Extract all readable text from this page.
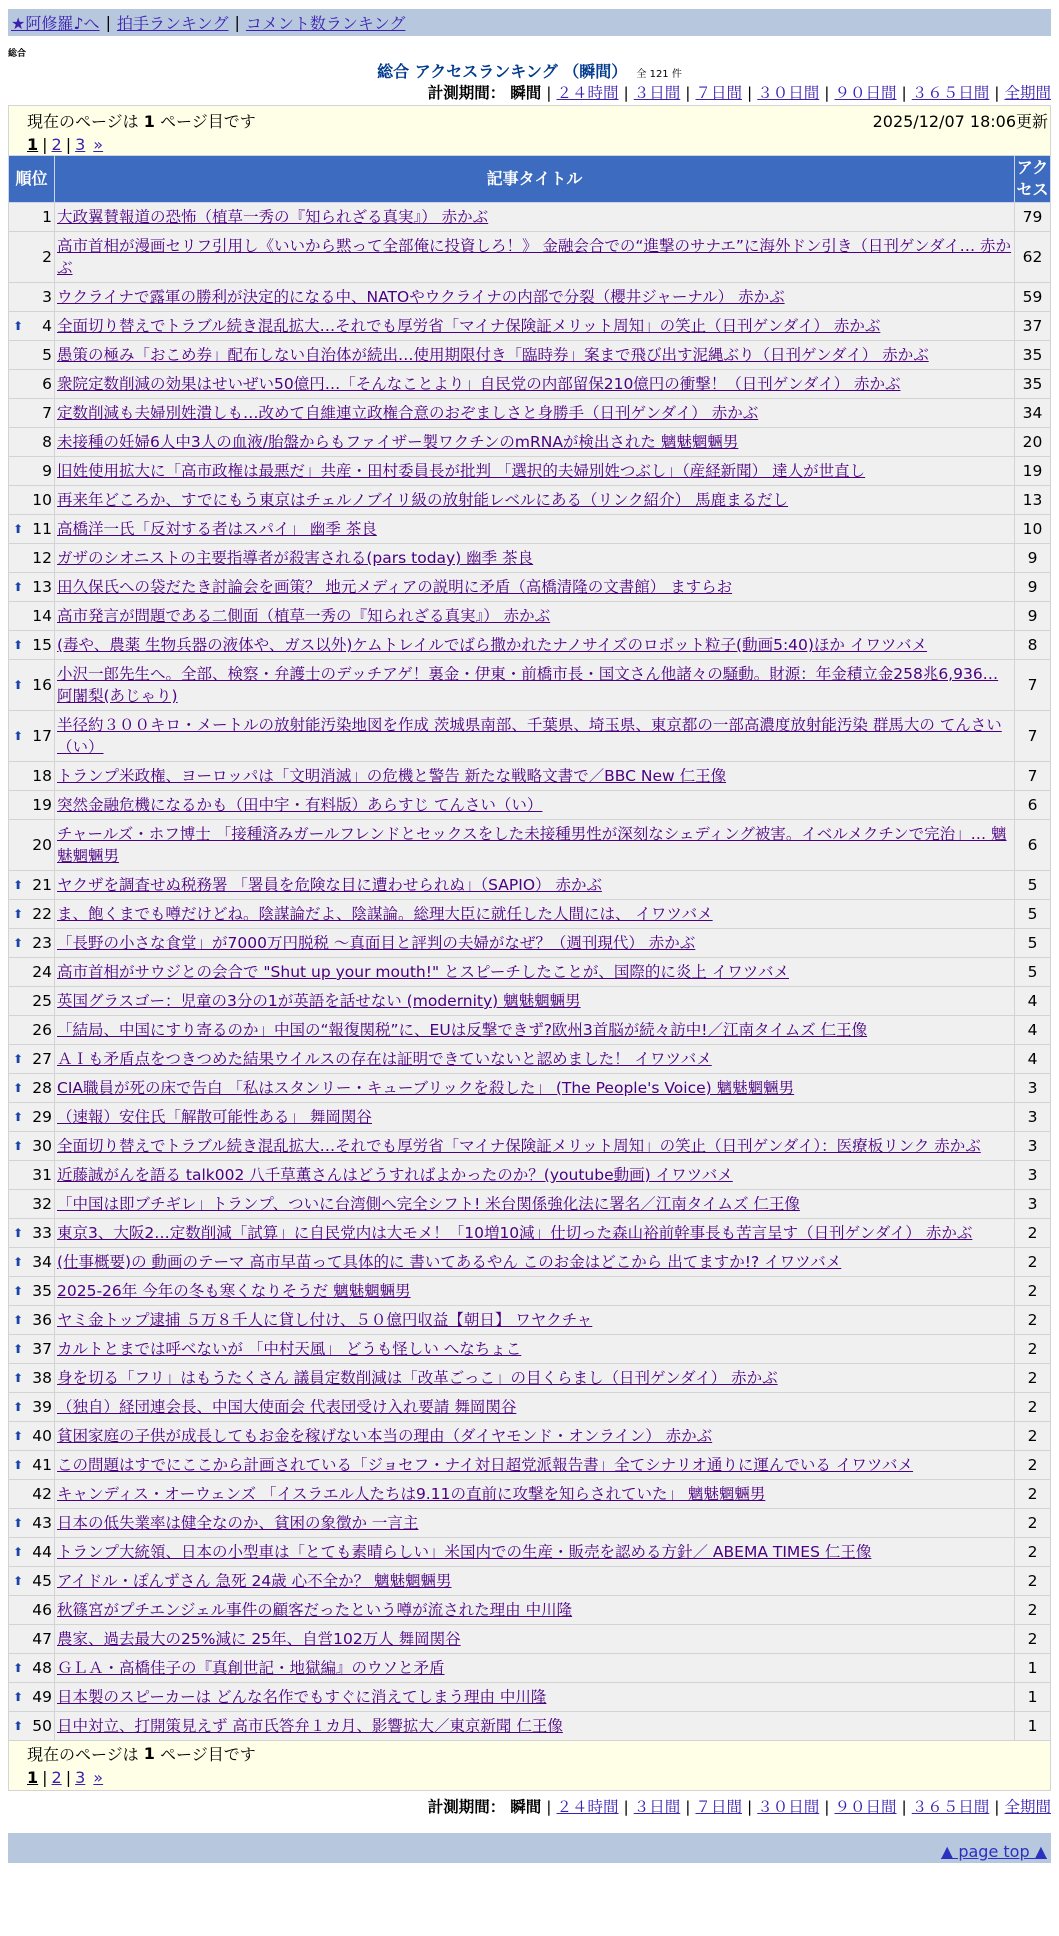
★阿修羅♪へ | 拍手ランキング | コメント数ランキング
総合
総合 アクセスランキング （瞬間） 全 121 件
計測期間： 瞬間 | ２４時間 | ３日間 | ７日間 | ３０日間 | ９０日間 | ３６５日間 | 全期間
現在のページは 1 ページ目です	2025/12/07 18:06更新
1 | 2 | 3 »
順位	記事タイトル	アクセス
1	大政翼賛報道の恐怖（植草一秀の『知られざる真実』） 赤かぶ	79
2	高市首相が漫画セリフ引用し《いいから黙って全部俺に投資しろ！》 金融会合での“進撃のサナエ”に海外ドン引き（日刊ゲンダイ… 赤かぶ	62
3	ウクライナで露軍の勝利が決定的になる中、NATOやウクライナの内部で分裂（櫻井ジャーナル） 赤かぶ	59

⬆ 4	全面切り替えでトラブル続き混乱拡大…それでも厚労省「マイナ保険証メリット周知」の笑止（日刊ゲンダイ） 赤かぶ	37
5	愚策の極み「おこめ券」配布しない自治体が続出…使用期限付き「臨時券」案まで飛び出す泥縄ぶり（日刊ゲンダイ） 赤かぶ	35
6	衆院定数削減の効果はせいぜい50億円…「そんなことより」自民党の内部留保210億円の衝撃！（日刊ゲンダイ） 赤かぶ	35
7	定数削減も夫婦別姓潰しも…改めて自維連立政権合意のおぞましさと身勝手（日刊ゲンダイ） 赤かぶ	34
8	未接種の妊婦6人中3人の血液/胎盤からもファイザー製ワクチンのmRNAが検出された 魑魅魍魎男	20
9	旧姓使用拡大に「高市政権は最悪だ」共産・田村委員長が批判 「選択的夫婦別姓つぶし」（産経新聞） 達人が世直し	19
10	再来年どころか、すでにもう東京はチェルノブイリ級の放射能レベルにある（リンク紹介） 馬鹿まるだし	13

⬆ 11	高橋洋一氏「反対する者はスパイ」 幽季 茶良	10
12	ガザのシオニストの主要指導者が殺害される(pars today) 幽季 茶良	9

⬆ 13	田久保氏への袋だたき討論会を画策？ 地元メディアの説明に矛盾（高橋清隆の文書館） ますらお	9
14	高市発言が問題である二側面（植草一秀の『知られざる真実』） 赤かぶ	9

⬆ 15	(毒や、農薬 生物兵器の液体や、ガス以外)ケムトレイルでばら撒かれたナノサイズのロボット粒子(動画5:40)ほか イワツバメ	8

⬆ 16	小沢一郎先生へ。全部、検察・弁護士のデッチアゲ！裏金・伊東・前橋市長・国文さん他諸々の騒動。財源：年金積立金258兆6,936… 阿闍梨(あじゃり)	7

⬆ 17	半径約３００キロ・メートルの放射能汚染地図を作成 茨城県南部、千葉県、埼玉県、東京都の一部高濃度放射能汚染 群馬大の てんさい（い）	7
18	トランプ米政権、ヨーロッパは「文明消滅」の危機と警告 新たな戦略文書で／BBC New 仁王像	7
19	突然金融危機になるかも（田中宇・有料版）あらすじ てんさい（い）	6
20	チャールズ・ホフ博士 「接種済みガールフレンドとセックスをした未接種男性が深刻なシェディング被害。イベルメクチンで完治」… 魑魅魍魎男	6

⬆ 21	ヤクザを調査せぬ税務署 「署員を危険な目に遭わせられぬ」（SAPIO） 赤かぶ	5

⬆ 22	ま、飽くまでも噂だけどね。陰謀論だよ、陰謀論。総理大臣に就任した人間には、 イワツバメ	5

⬆ 23	「長野の小さな食堂」が7000万円脱税 〜真面目と評判の夫婦がなぜ？（週刊現代） 赤かぶ	5
24	高市首相がサウジとの会合で "Shut up your mouth!" とスピーチしたことが、国際的に炎上 イワツバメ	5
25	英国グラスゴー：児童の3分の1が英語を話せない (modernity) 魑魅魍魎男	4
26	「結局、中国にすり寄るのか」中国の“報復関税”に、EUは反撃できず?欧州3首脳が続々訪中!／江南タイムズ 仁王像	4

⬆ 27	ＡＩも矛盾点をつきつめた結果ウイルスの存在は証明できていないと認めました！ イワツバメ	4

⬆ 28	CIA職員が死の床で告白 「私はスタンリー・キューブリックを殺した」 (The People's Voice) 魑魅魍魎男	3

⬆ 29	（速報）安住氏「解散可能性ある」 舞岡関谷	3

⬆ 30	全面切り替えでトラブル続き混乱拡大…それでも厚労省「マイナ保険証メリット周知」の笑止（日刊ゲンダイ）：医療板リンク 赤かぶ	3
31	近藤誠がんを語る talk002 八千草薫さんはどうすればよかったのか？(youtube動画) イワツバメ	3
32	「中国は即ブチギレ」トランプ、ついに台湾側へ完全シフト! 米台関係強化法に署名／江南タイムズ 仁王像	3

⬆ 33	東京3、大阪2…定数削減「試算」に自民党内は大モメ！「10増10減」仕切った森山裕前幹事長も苦言呈す（日刊ゲンダイ） 赤かぶ	2

⬆ 34	(仕事概要)の 動画のテーマ 高市早苗って具体的に 書いてあるやん このお金はどこから 出てますか!? イワツバメ	2

⬆ 35	2025-26年 今年の冬も寒くなりそうだ 魑魅魍魎男	2

⬆ 36	ヤミ金トップ逮捕 ５万８千人に貸し付け、５０億円収益【朝日】 ワヤクチャ	2

⬆ 37	カルトとまでは呼べないが 「中村天風」 どうも怪しい へなちょこ	2

⬆ 38	身を切る「フリ」はもうたくさん 議員定数削減は「改革ごっこ」の目くらまし（日刊ゲンダイ） 赤かぶ	2

⬆ 39	（独自）経団連会長、中国大使面会 代表団受け入れ要請 舞岡関谷	2

⬆ 40	貧困家庭の子供が成長してもお金を稼げない本当の理由（ダイヤモンド・オンライン） 赤かぶ	2

⬆ 41	この問題はすでにここから計画されている「ジョセフ・ナイ対日超党派報告書」全てシナリオ通りに運んでいる イワツバメ	2
42	キャンディス・オーウェンズ 「イスラエル人たちは9.11の直前に攻撃を知らされていた」 魑魅魍魎男	2

⬆ 43	日本の低失業率は健全なのか、貧困の象徴か 一言主	2

⬆ 44	トランプ大統領、日本の小型車は「とても素晴らしい」米国内での生産・販売を認める方針／ ABEMA TIMES 仁王像	2

⬆ 45	アイドル・ぽんずさん 急死 24歳 心不全か？ 魑魅魍魎男	2
46	秋篠宮がプチエンジェル事件の顧客だったという噂が流された理由 中川隆	2
47	農家、過去最大の25%減に 25年、自営102万人 舞岡関谷	2

⬆ 48	ＧＬＡ・高橋佳子の『真創世記・地獄編』のウソと矛盾	1

⬆ 49	日本製のスピーカーは どんな名作でもすぐに消えてしまう理由 中川隆	1

⬆ 50	日中対立、打開策見えず 高市氏答弁１カ月、影響拡大／東京新聞 仁王像	1
現在のページは
1
ページ目です
1 | 2 | 3 »
計測期間： 瞬間 | ２４時間 | ３日間 | ７日間 | ３０日間 | ９０日間 | ３６５日間 | 全期間
▲ page top ▲
